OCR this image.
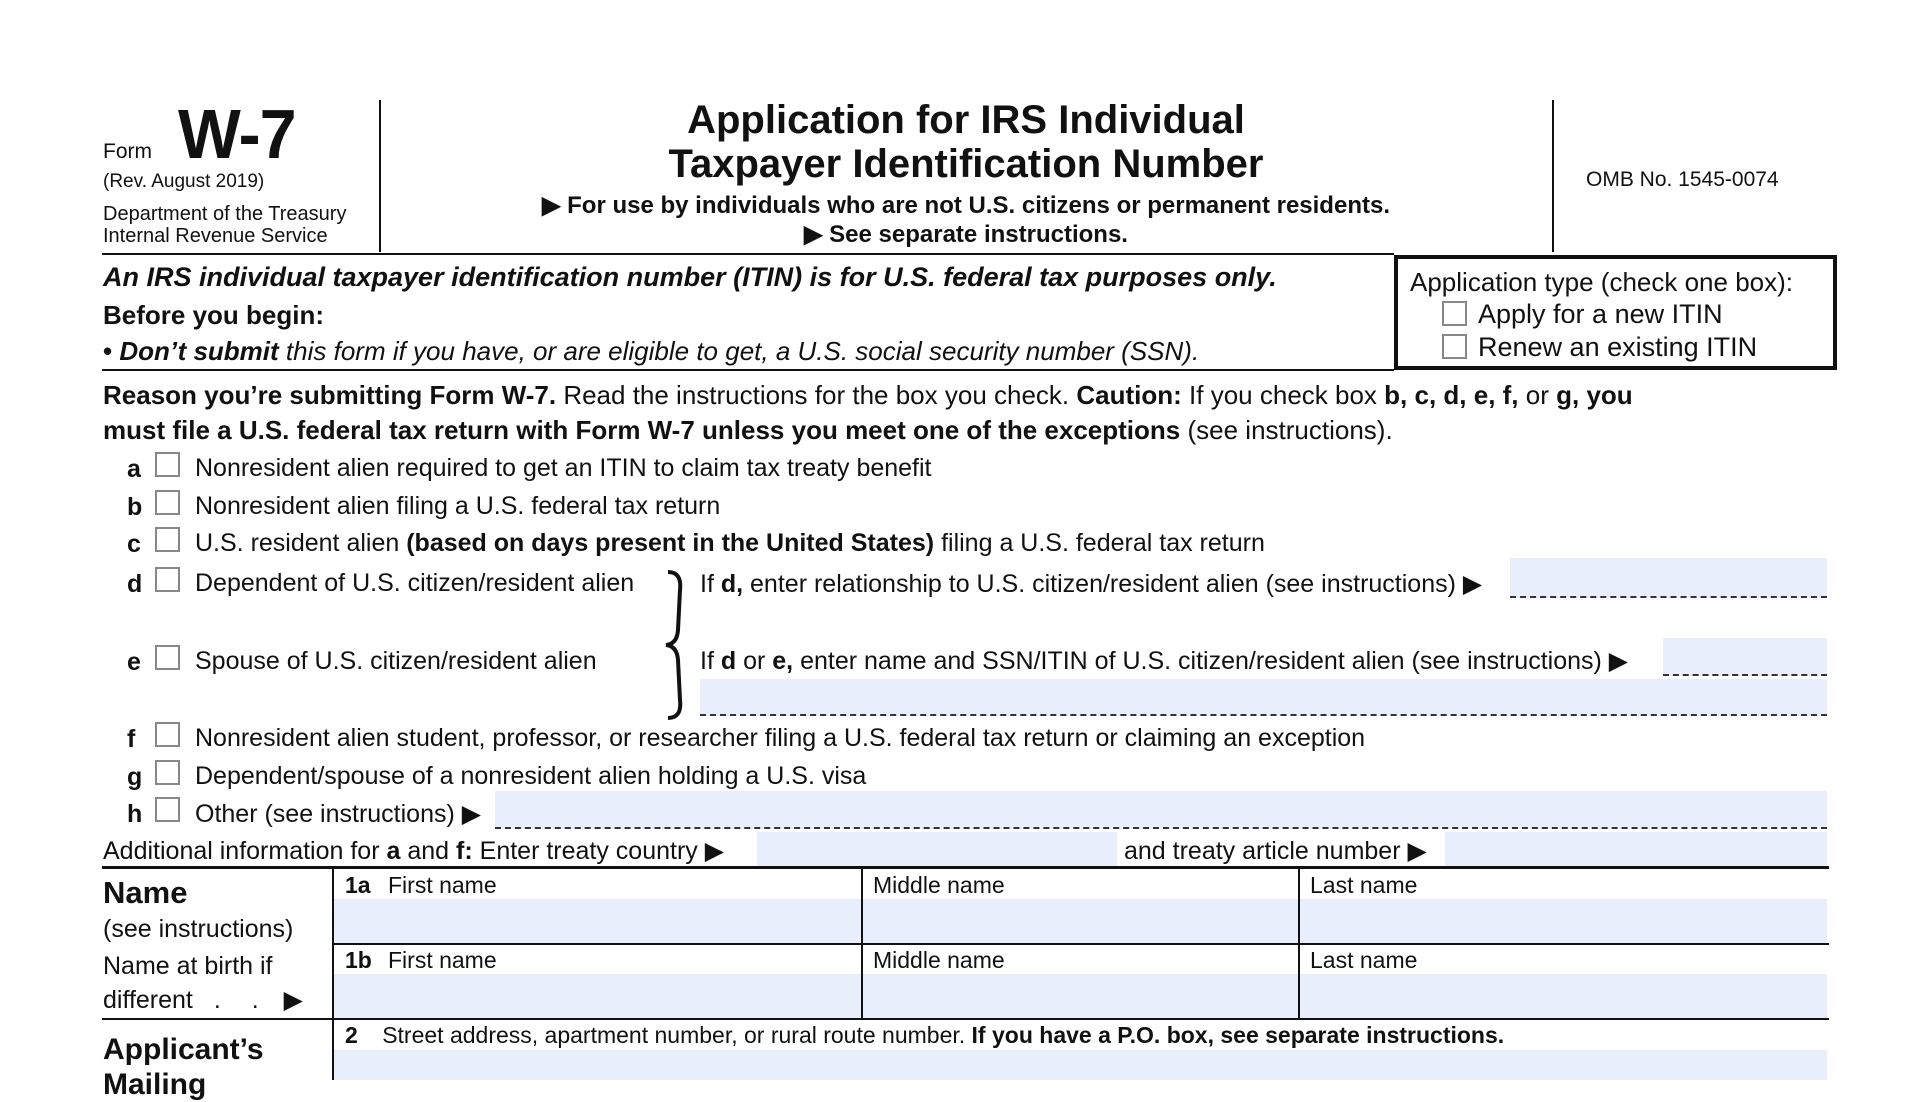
Form W-7
(Rev. August 2019)
Department of the Treasury
Internal Revenue Service
Application for IRS Individual
Taxpayer Identification Number
▶ For use by individuals who are not U.S. citizens or permanent residents.
▶ See separate instructions.
OMB No. 1545-0074
An IRS individual taxpayer identification number (ITIN) is for U.S. federal tax purposes only.
Before you begin:
• Don’t submit this form if you have, or are eligible to get, a U.S. social security number (SSN).
Application type (check one box):
Apply for a new ITIN
Renew an existing ITIN
Reason you’re submitting Form W-7. Read the instructions for the box you check. Caution: If you check box b, c, d, e, f, or g, you
must file a U.S. federal tax return with Form W-7 unless you meet one of the exceptions (see instructions).
a Nonresident alien required to get an ITIN to claim tax treaty benefit
b Nonresident alien filing a U.S. federal tax return
c U.S. resident alien (based on days present in the United States) filing a U.S. federal tax return
d Dependent of U.S. citizen/resident alien	If d, enter relationship to U.S. citizen/resident alien (see instructions) ▶
e Spouse of U.S. citizen/resident alien	If d or e, enter name and SSN/ITIN of U.S. citizen/resident alien (see instructions) ▶
f Nonresident alien student, professor, or researcher filing a U.S. federal tax return or claiming an exception
g Dependent/spouse of a nonresident alien holding a U.S. visa
h Other (see instructions) ▶
Additional information for a and f: Enter treaty country ▶	and treaty article number ▶
Name
(see instructions)
Name at birth if
different . . ▶
1a First name	Middle name	Last name
1b First name	Middle name	Last name
Applicant’s
Mailing
2 Street address, apartment number, or rural route number. If you have a P.O. box, see separate instructions.
